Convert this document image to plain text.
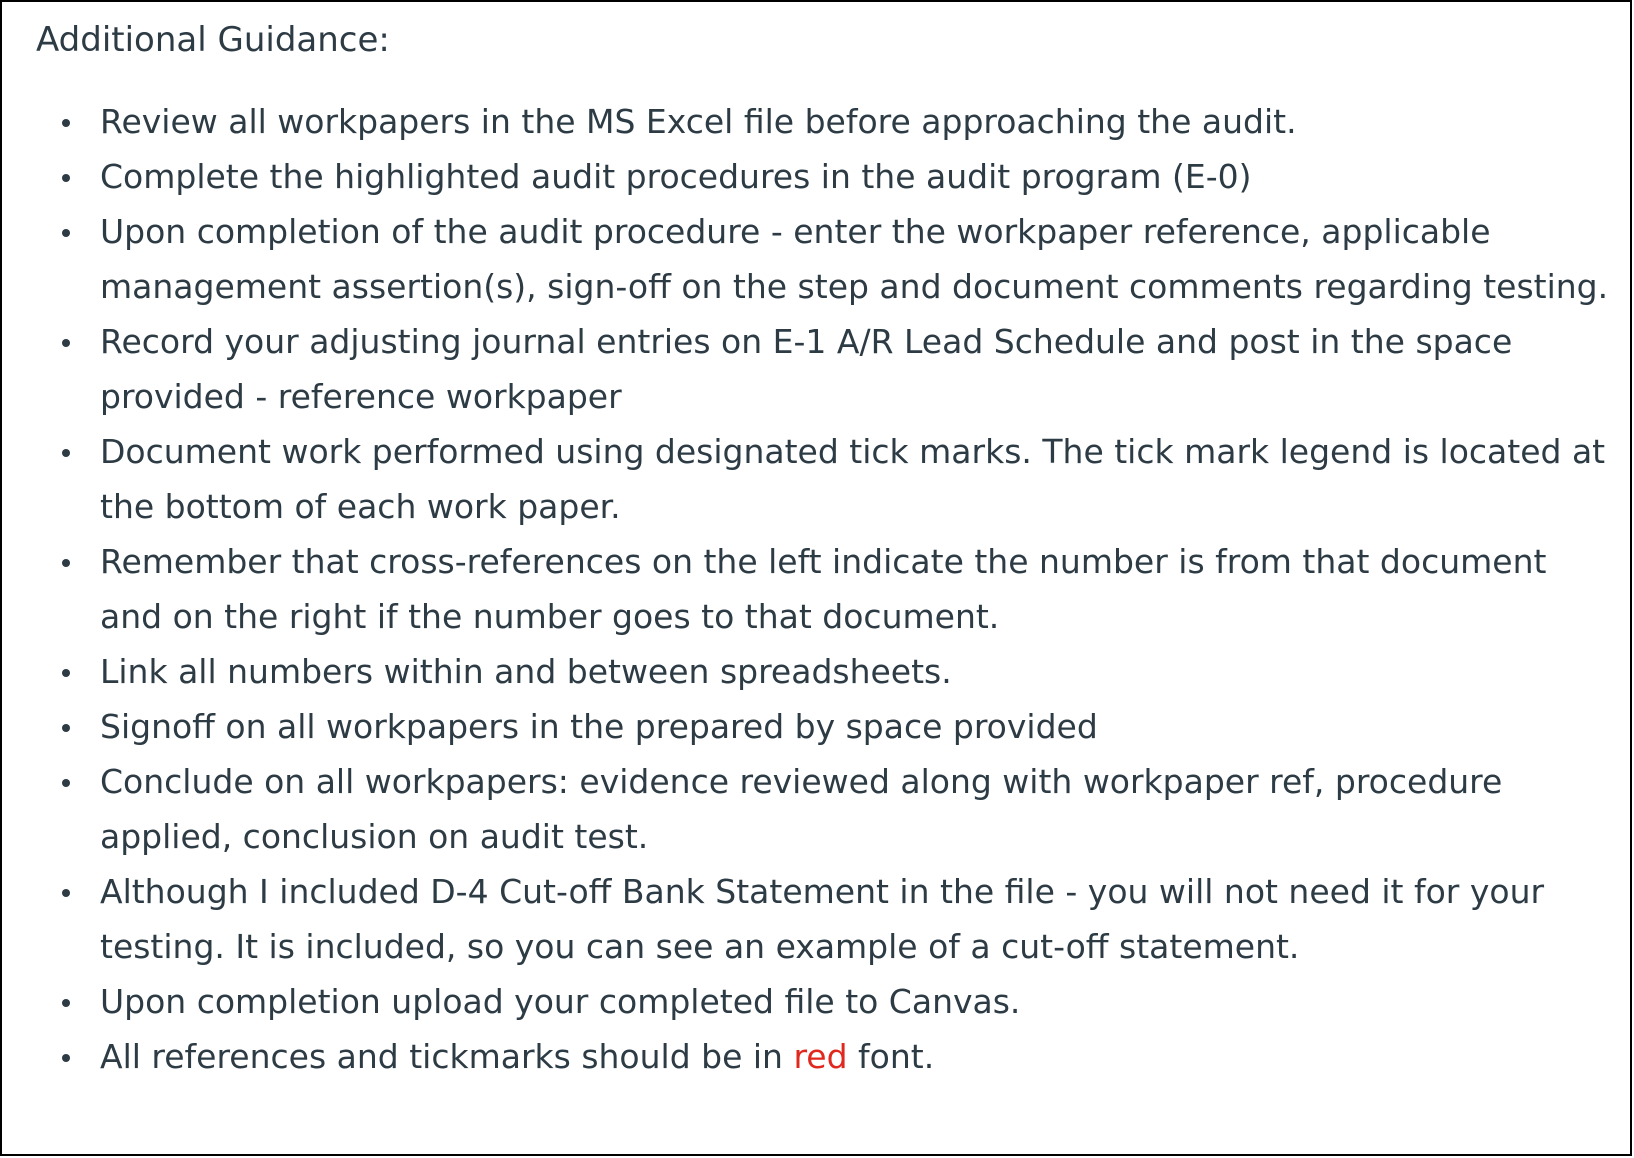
Additional Guidance:
Review all workpapers in the MS Excel file before approaching the audit.
Complete the highlighted audit procedures in the audit program (E-0)
Upon completion of the audit procedure - enter the workpaper reference, applicable management assertion(s), sign-off on the step and document comments regarding testing.
Record your adjusting journal entries on E-1 A/R Lead Schedule and post in the space provided - reference workpaper
Document work performed using designated tick marks. The tick mark legend is located at the bottom of each work paper.
Remember that cross-references on the left indicate the number is from that document and on the right if the number goes to that document.
Link all numbers within and between spreadsheets.
Signoff on all workpapers in the prepared by space provided
Conclude on all workpapers: evidence reviewed along with workpaper ref, procedure applied, conclusion on audit test.
Although I included D-4 Cut-off Bank Statement in the file - you will not need it for your testing. It is included, so you can see an example of a cut-off statement.
Upon completion upload your completed file to Canvas.
All references and tickmarks should be in red font.
